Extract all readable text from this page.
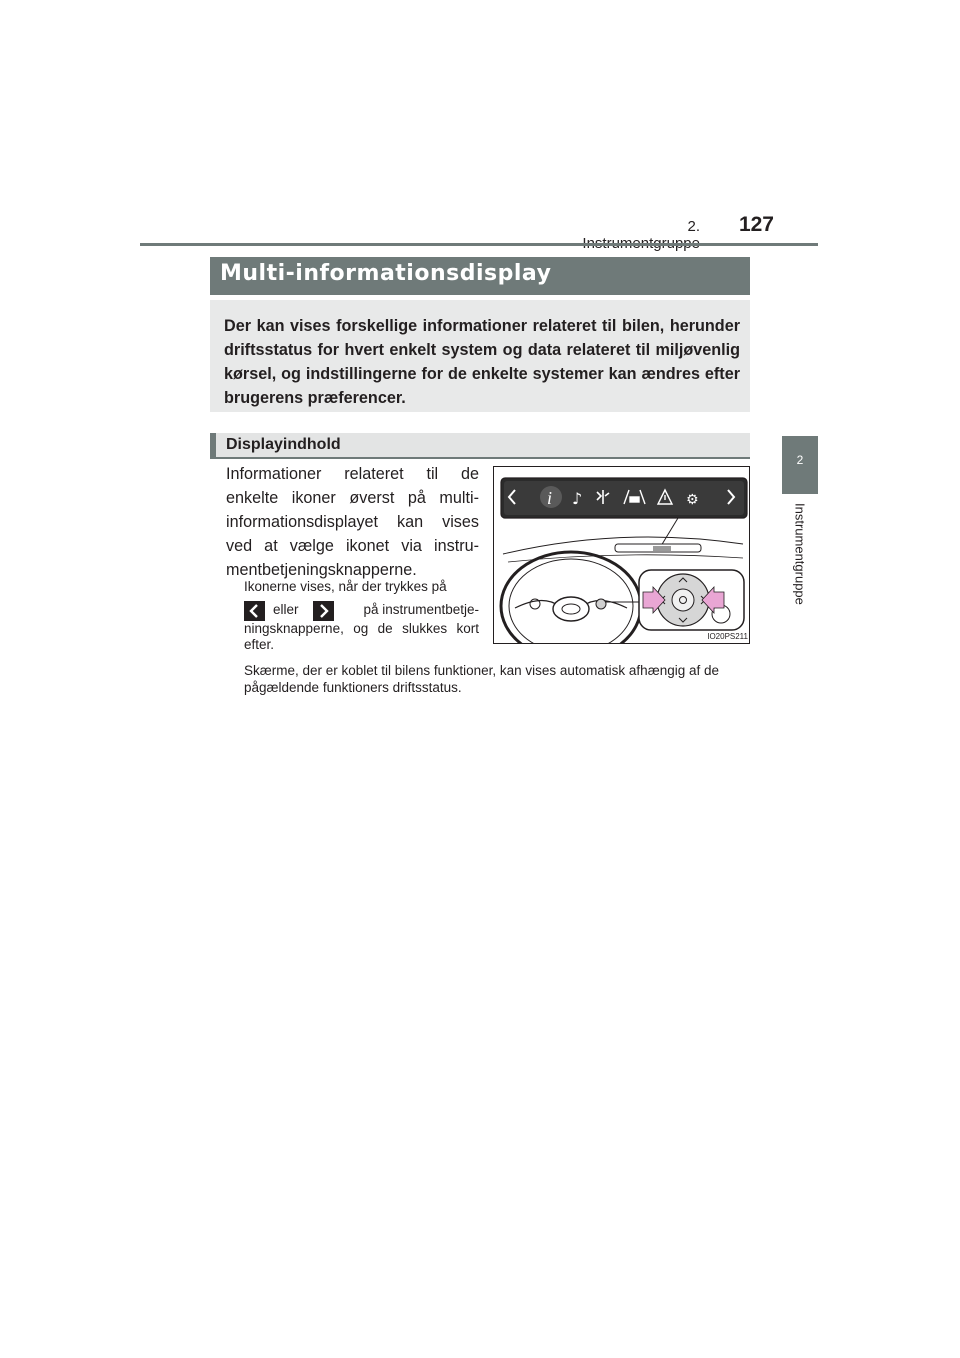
2.	127
2
Instrumentgruppe
Multi-informationsdisplay

Der kan vises forskellige informationer relateret til bilen, herunder driftsstatus for hvert enkelt system og data relateret til miljøvenlig kørsel, og indstillingerne for de enkelte systemer kan ændres efter brugerens præferencer.

Displayindhold
Informationer relateret til de enkelte ikoner øverst på multi-informationsdisplayet kan vises ved at vælge ikonet via instru-mentbetjeningsknapperne.
Ikonerne vises, når der trykkes på
eller	på instrumentbetje-
ningsknapperne, og de slukkes kort efter.
Skærme, der er koblet til bilens funktioner, kan vises automatisk afhængig af de pågældende funktioners driftsstatus.
i ♪	⚙
IO20PS211
